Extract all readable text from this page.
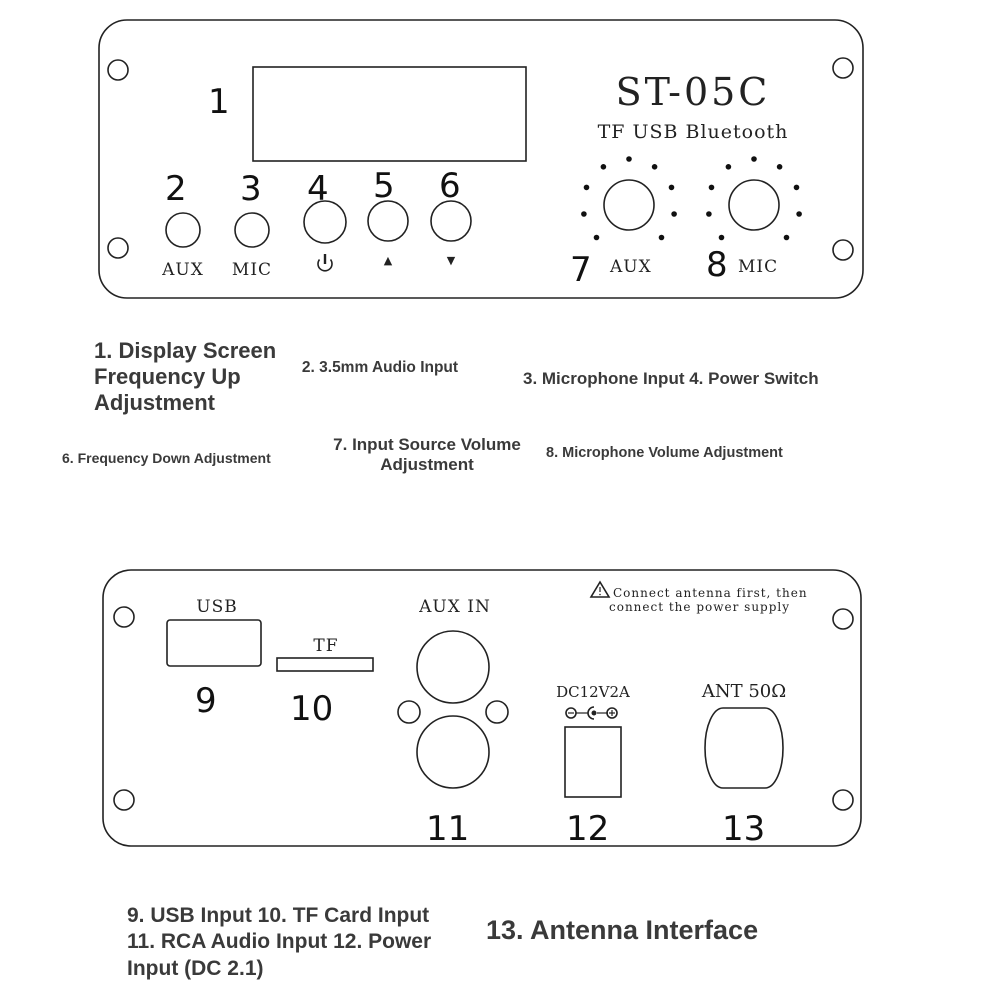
1	ST-05C
TF USB Bluetooth
2 3 4 5 6
AUX MIC	▲	▼	7 AUX 8 MIC
USB
9
TF
10
AUX IN
11
Connect antenna first, then
connect the power supply
DC12V2A
12
ANT 50Ω
13
1. Display Screen Frequency Up Adjustment
2. 3.5mm Audio Input
3. Microphone Input 4. Power Switch
6. Frequency Down Adjustment
7. Input Source Volume Adjustment
8. Microphone Volume Adjustment
9. USB Input 10. TF Card Input 11. RCA Audio Input 12. Power Input (DC 2.1)
13. Antenna Interface
